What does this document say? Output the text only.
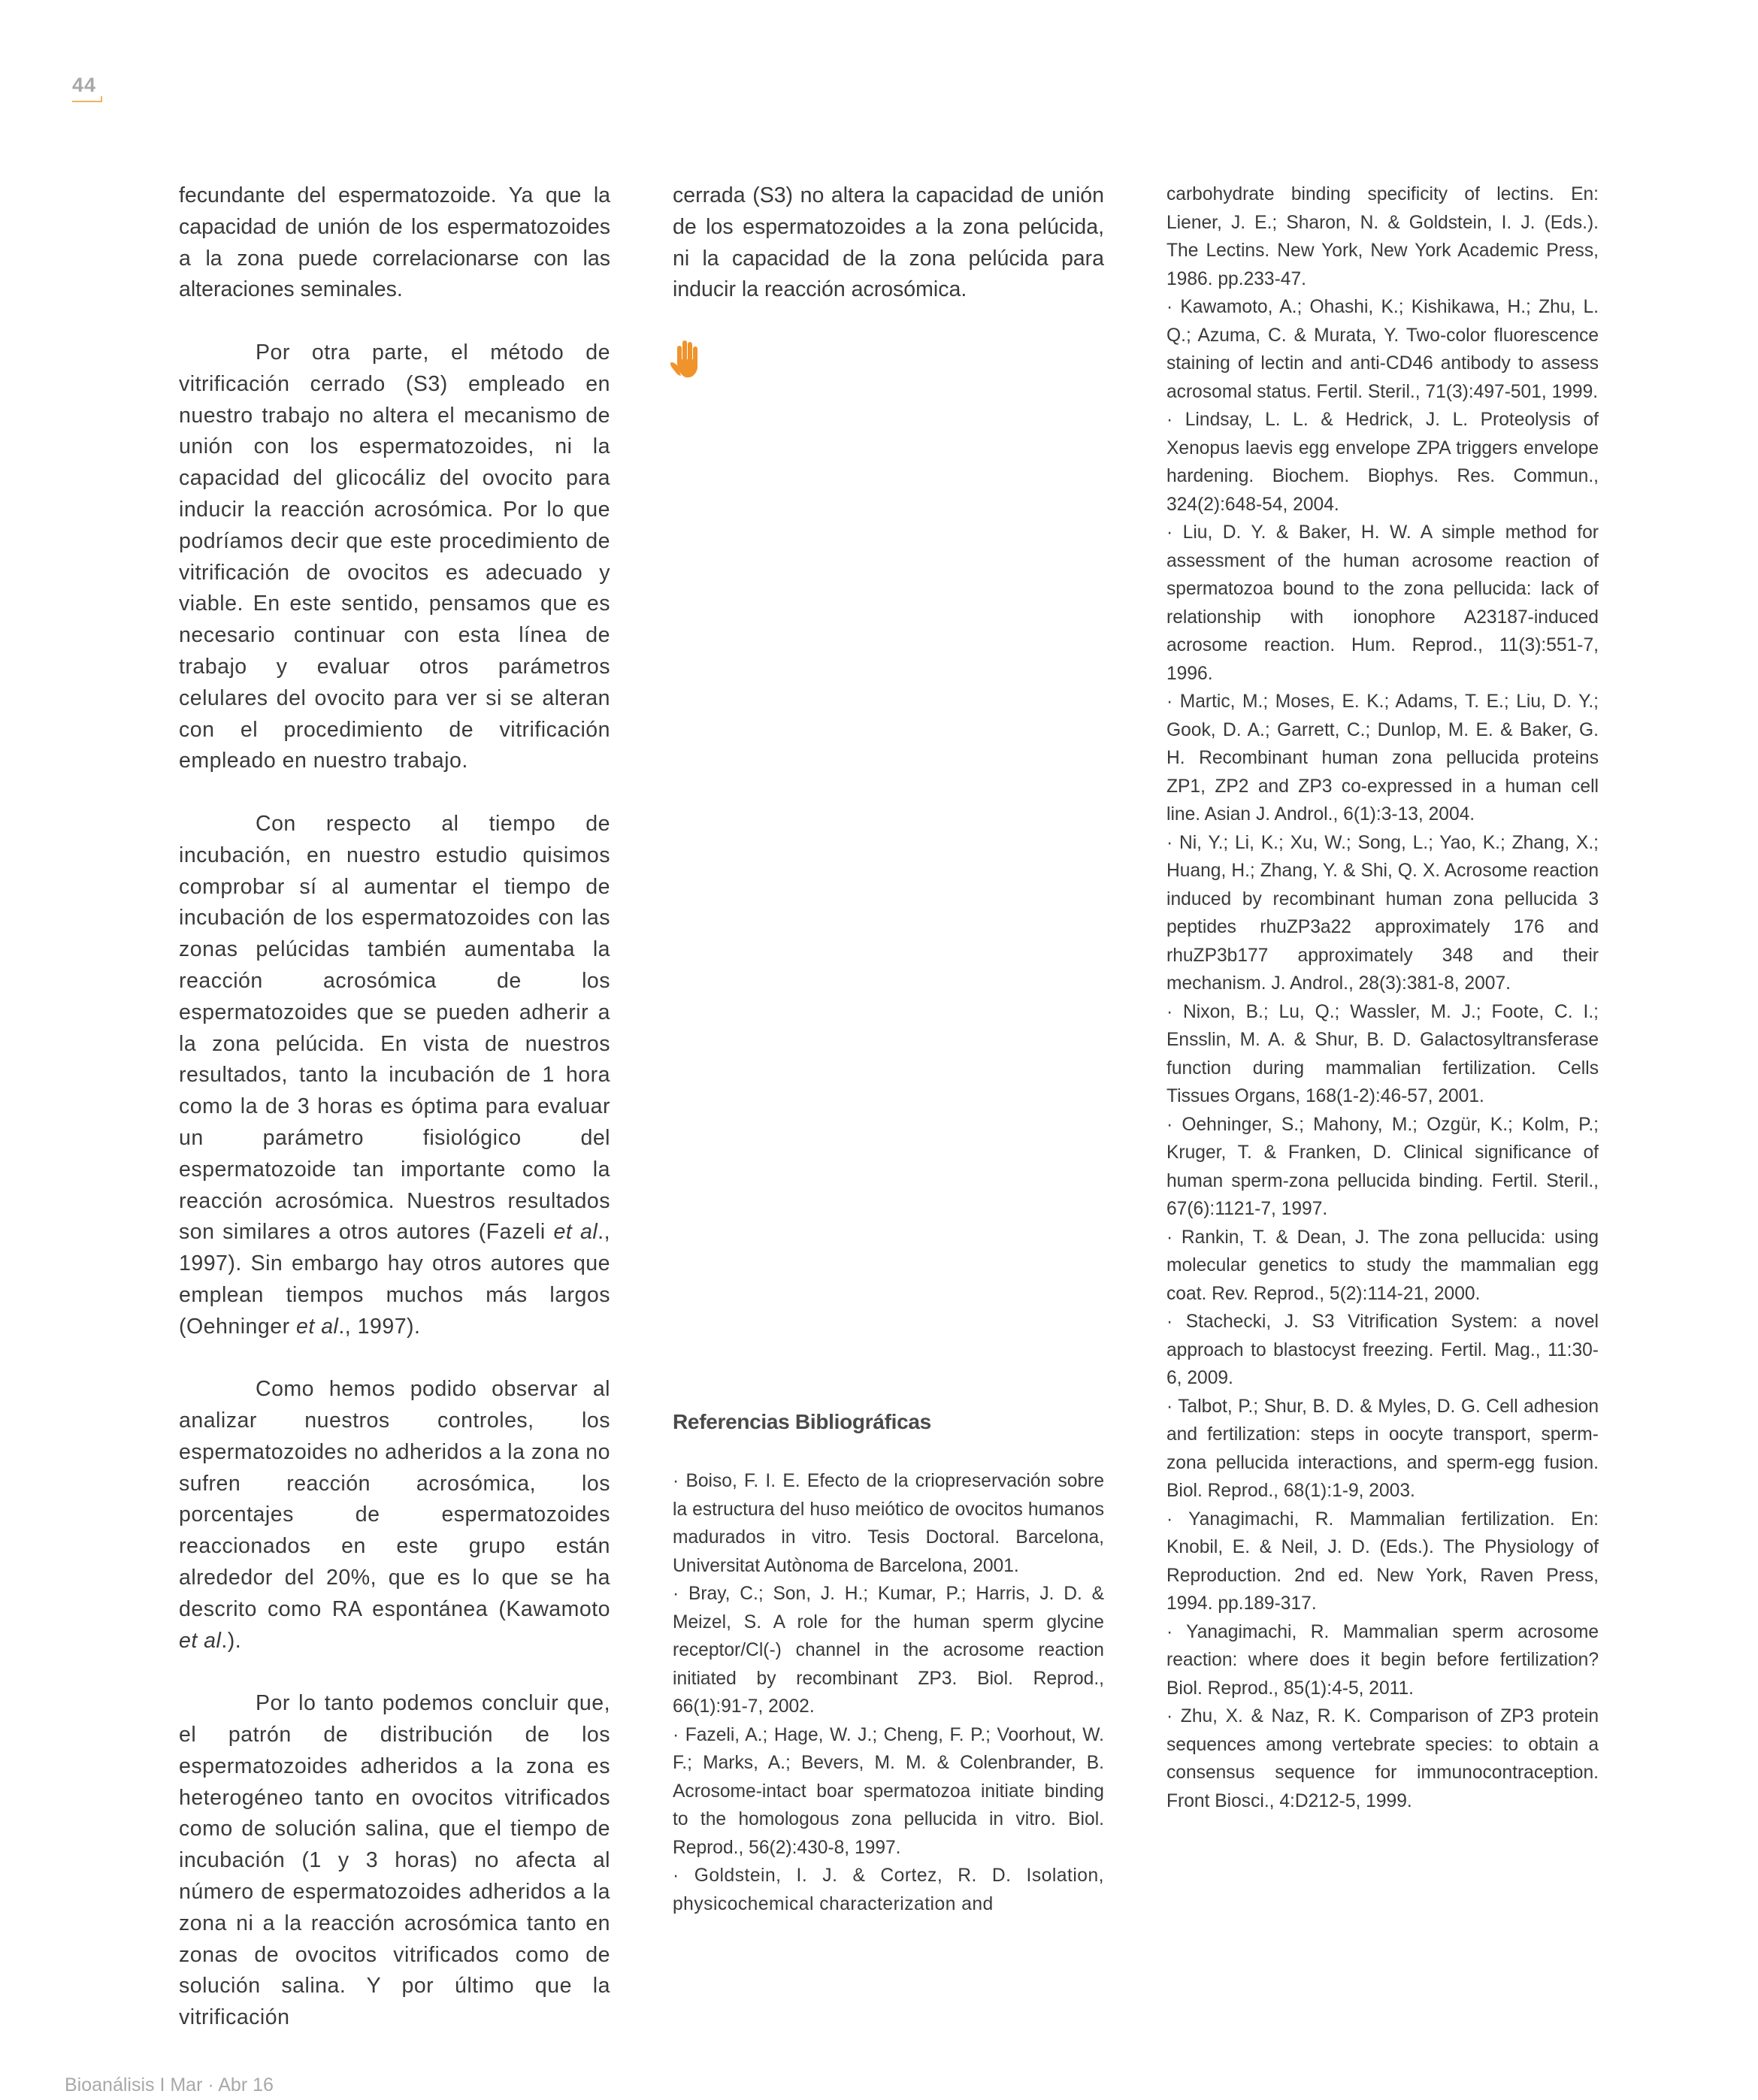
44

fecundante del espermatozoide. Ya que la capacidad de unión de los espermatozoides a la zona puede correlacionarse con las alteraciones seminales.

Por otra parte, el método de vitrificación cerrado (S3) empleado en nuestro trabajo no altera el mecanismo de unión con los espermatozoides, ni la capacidad del glicocáliz del ovocito para inducir la reacción acrosómica. Por lo que podríamos decir que este procedimiento de vitrificación de ovocitos es adecuado y viable. En este sentido, pensamos que es necesario continuar con esta línea de trabajo y evaluar otros parámetros celulares del ovocito para ver si se alteran con el procedimiento de vitrificación empleado en nuestro trabajo.

Con respecto al tiempo de incubación, en nuestro estudio quisimos comprobar sí al aumentar el tiempo de incubación de los espermatozoides con las zonas pelúcidas también aumentaba la reacción acrosómica de los espermatozoides que se pueden adherir a la zona pelúcida. En vista de nuestros resultados, tanto la incubación de 1 hora como la de 3 horas es óptima para evaluar un parámetro fisiológico del espermatozoide tan importante como la reacción acrosómica. Nuestros resultados son similares a otros autores (Fazeli et al., 1997). Sin embargo hay otros autores que emplean tiempos muchos más largos (Oehninger et al., 1997).

Como hemos podido observar al analizar nuestros controles, los espermatozoides no adheridos a la zona no sufren reacción acrosómica, los porcentajes de espermatozoides reaccionados en este grupo están alrededor del 20%, que es lo que se ha descrito como RA espontánea (Kawamoto et al.).

Por lo tanto podemos concluir que, el patrón de distribución de los espermatozoides adheridos a la zona es heterogéneo tanto en ovocitos vitrificados como de solución salina, que el tiempo de incubación (1 y 3 horas) no afecta al número de espermatozoides adheridos a la zona ni a la reacción acrosómica tanto en zonas de ovocitos vitrificados como de solución salina. Y por último que la vitrificación

cerrada (S3) no altera la capacidad de unión de los espermatozoides a la zona pelúcida, ni la capacidad de la zona pelúcida para inducir la reacción acrosómica.

Referencias Bibliográficas

· Boiso, F. I. E. Efecto de la criopreservación sobre la estructura del huso meiótico de ovocitos humanos madurados in vitro. Tesis Doctoral. Barcelona, Universitat Autònoma de Barcelona, 2001.

· Bray, C.; Son, J. H.; Kumar, P.; Harris, J. D. & Meizel, S. A role for the human sperm glycine receptor/Cl(-) channel in the acrosome reaction initiated by recombinant ZP3. Biol. Reprod., 66(1):91-7, 2002.

· Fazeli, A.; Hage, W. J.; Cheng, F. P.; Voorhout, W. F.; Marks, A.; Bevers, M. M. & Colenbrander, B. Acrosome-intact boar spermatozoa initiate binding to the homologous zona pellucida in vitro. Biol. Reprod., 56(2):430-8, 1997.

· Goldstein, I. J. & Cortez, R. D. Isolation, physicochemical characterization and

carbohydrate binding specificity of lectins. En: Liener, J. E.; Sharon, N. & Goldstein, I. J. (Eds.). The Lectins. New York, New York Academic Press, 1986. pp.233-47.

· Kawamoto, A.; Ohashi, K.; Kishikawa, H.; Zhu, L. Q.; Azuma, C. & Murata, Y. Two-color fluorescence staining of lectin and anti-CD46 antibody to assess acrosomal status. Fertil. Steril., 71(3):497-501, 1999.

· Lindsay, L. L. & Hedrick, J. L. Proteolysis of Xenopus laevis egg envelope ZPA triggers envelope hardening. Biochem. Biophys. Res. Commun., 324(2):648-54, 2004.

· Liu, D. Y. & Baker, H. W. A simple method for assessment of the human acrosome reaction of spermatozoa bound to the zona pellucida: lack of relationship with ionophore A23187-induced acrosome reaction. Hum. Reprod., 11(3):551-7, 1996.

· Martic, M.; Moses, E. K.; Adams, T. E.; Liu, D. Y.; Gook, D. A.; Garrett, C.; Dunlop, M. E. & Baker, G. H. Recombinant human zona pellucida proteins ZP1, ZP2 and ZP3 co-expressed in a human cell line. Asian J. Androl., 6(1):3-13, 2004.

· Ni, Y.; Li, K.; Xu, W.; Song, L.; Yao, K.; Zhang, X.; Huang, H.; Zhang, Y. & Shi, Q. X. Acrosome reaction induced by recombinant human zona pellucida 3 peptides rhuZP3a22 approximately 176 and rhuZP3b177 approximately 348 and their mechanism. J. Androl., 28(3):381-8, 2007.

· Nixon, B.; Lu, Q.; Wassler, M. J.; Foote, C. I.; Ensslin, M. A. & Shur, B. D. Galactosyltransferase function during mammalian fertilization. Cells Tissues Organs, 168(1-2):46-57, 2001.

· Oehninger, S.; Mahony, M.; Ozgür, K.; Kolm, P.; Kruger, T. & Franken, D. Clinical significance of human sperm-zona pellucida binding. Fertil. Steril., 67(6):1121-7, 1997.

· Rankin, T. & Dean, J. The zona pellucida: using molecular genetics to study the mammalian egg coat. Rev. Reprod., 5(2):114-21, 2000.

· Stachecki, J. S3 Vitrification System: a novel approach to blastocyst freezing. Fertil. Mag., 11:30-6, 2009.

· Talbot, P.; Shur, B. D. & Myles, D. G. Cell adhesion and fertilization: steps in oocyte transport, sperm-zona pellucida interactions, and sperm-egg fusion. Biol. Reprod., 68(1):1-9, 2003.

· Yanagimachi, R. Mammalian fertilization. En: Knobil, E. & Neil, J. D. (Eds.). The Physiology of Reproduction. 2nd ed. New York, Raven Press, 1994. pp.189-317.

· Yanagimachi, R. Mammalian sperm acrosome reaction: where does it begin before fertilization? Biol. Reprod., 85(1):4-5, 2011.

· Zhu, X. & Naz, R. K. Comparison of ZP3 protein sequences among vertebrate species: to obtain a consensus sequence for immunocontraception. Front Biosci., 4:D212-5, 1999.

Bioanálisis I Mar · Abr 16
